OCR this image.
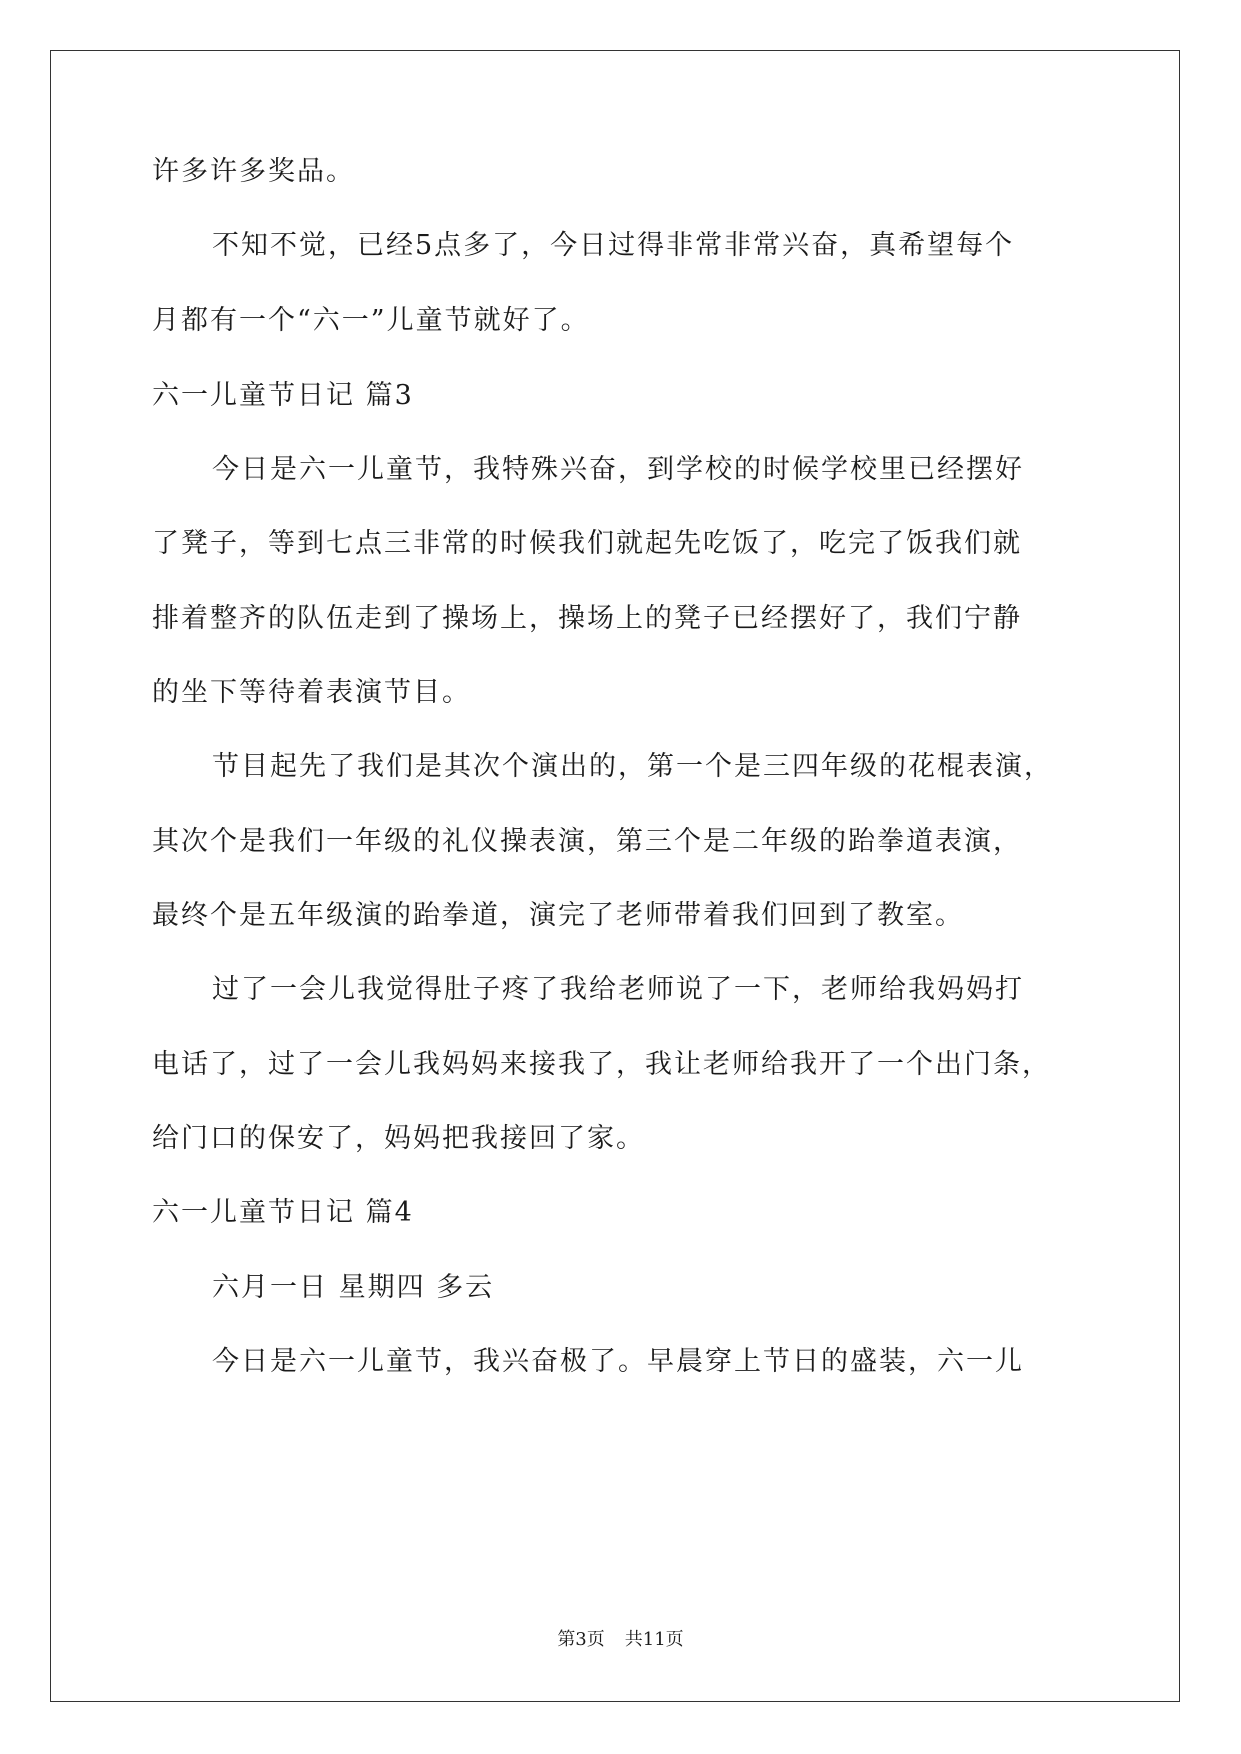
许多许多奖品。
不知不觉，已经5点多了，今日过得非常非常兴奋，真希望每个
月都有一个“六一”儿童节就好了。
六一儿童节日记 篇3
今日是六一儿童节，我特殊兴奋，到学校的时候学校里已经摆好
了凳子，等到七点三非常的时候我们就起先吃饭了，吃完了饭我们就
排着整齐的队伍走到了操场上，操场上的凳子已经摆好了，我们宁静
的坐下等待着表演节目。
节目起先了我们是其次个演出的，第一个是三四年级的花棍表演，
其次个是我们一年级的礼仪操表演，第三个是二年级的跆拳道表演，
最终个是五年级演的跆拳道，演完了老师带着我们回到了教室。
过了一会儿我觉得肚子疼了我给老师说了一下，老师给我妈妈打
电话了，过了一会儿我妈妈来接我了，我让老师给我开了一个出门条，
给门口的保安了，妈妈把我接回了家。
六一儿童节日记 篇4
六月一日 星期四 多云
今日是六一儿童节，我兴奋极了。早晨穿上节日的盛装，六一儿
第3页 共11页
